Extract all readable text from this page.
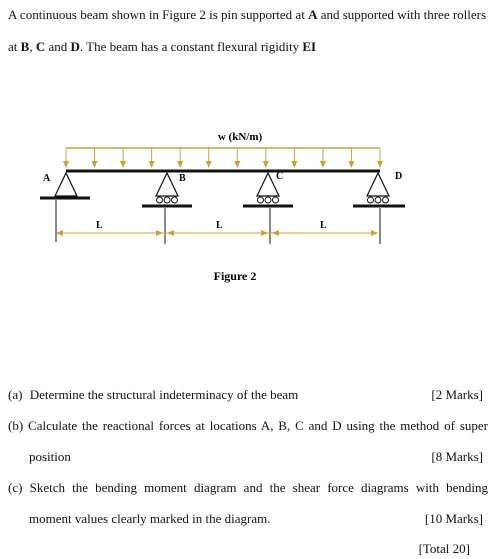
A continuous beam shown in Figure 2 is pin supported at A and supported with three rollers
at B, C and D. The beam has a constant flexural rigidity EI
w (kN/m)
A	B	C	D
L	L	L
Figure 2
(a) Determine the structural indeterminacy of the beam	[2 Marks]
(b) Calculate the reactional forces at locations A, B, C and D using the method of super
position	[8 Marks]
(c) Sketch the bending moment diagram and the shear force diagrams with bending
moment values clearly marked in the diagram.	[10 Marks]
[Total 20]
